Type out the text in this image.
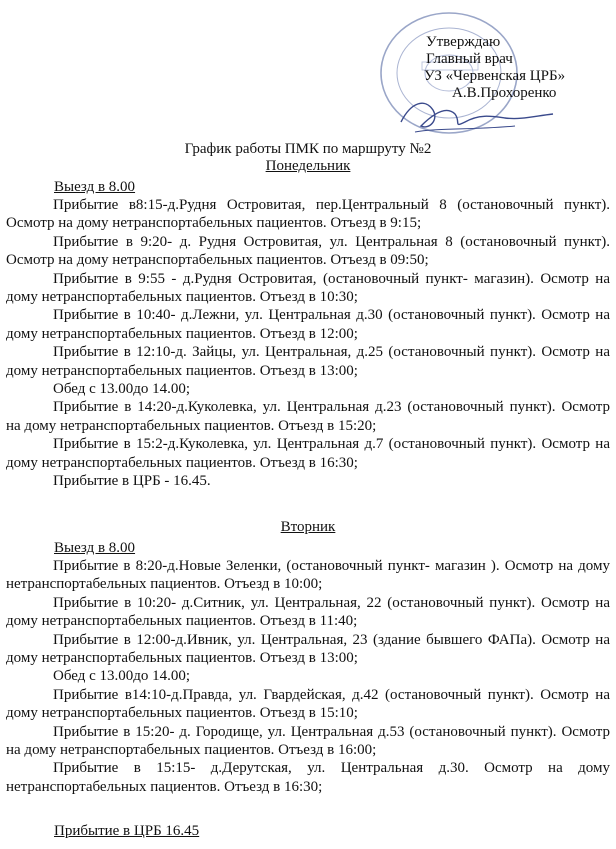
Утверждаю
Главный врач
УЗ «Червенская ЦРБ»
А.В.Прохоренко
График работы ПМК по маршруту №2
Понедельник
Выезд в 8.00

Прибытие в8:15-д.Рудня Островитая, пер.Центральный 8 (остановочный пункт). Осмотр на дому нетранспортабельных пациентов. Отъезд в 9:15;

Прибытие в 9:20- д. Рудня Островитая, ул. Центральная 8 (остановочный пункт). Осмотр на дому нетранспортабельных пациентов. Отъезд в 09:50;

Прибытие в 9:55 - д.Рудня Островитая, (остановочный пункт- магазин). Осмотр на дому нетранспортабельных пациентов. Отъезд в 10:30;

Прибытие в 10:40- д.Лежни, ул. Центральная д.30 (остановочный пункт). Осмотр на дому нетранспортабельных пациентов. Отъезд в 12:00;

Прибытие в 12:10-д. Зайцы, ул. Центральная, д.25 (остановочный пункт). Осмотр на дому нетранспортабельных пациентов. Отъезд в 13:00;

Обед с 13.00до 14.00;

Прибытие в 14:20-д.Куколевка, ул. Центральная д.23 (остановочный пункт). Осмотр на дому нетранспортабельных пациентов. Отъезд в 15:20;

Прибытие в 15:2-д.Куколевка, ул. Центральная д.7 (остановочный пункт). Осмотр на дому нетранспортабельных пациентов. Отъезд в 16:30;

Прибытие в ЦРБ - 16.45.

Вторник
Выезд в 8.00

Прибытие в 8:20-д.Новые Зеленки, (остановочный пункт- магазин ). Осмотр на дому нетранспортабельных пациентов. Отъезд в 10:00;

Прибытие в 10:20- д.Ситник, ул. Центральная, 22 (остановочный пункт). Осмотр на дому нетранспортабельных пациентов. Отъезд в 11:40;

Прибытие в 12:00-д.Ивник, ул. Центральная, 23 (здание бывшего ФАПа). Осмотр на дому нетранспортабельных пациентов. Отъезд в 13:00;

Обед с 13.00до 14.00;

Прибытие в14:10-д.Правда, ул. Гвардейская, д.42 (остановочный пункт). Осмотр на дому нетранспортабельных пациентов. Отъезд в 15:10;

Прибытие в 15:20- д. Городище, ул. Центральная д.53 (остановочный пункт). Осмотр на дому нетранспортабельных пациентов. Отъезд в 16:00;

Прибытие в 15:15- д.Дерутская, ул. Центральная д.30. Осмотр на дому нетранспортабельных пациентов. Отъезд в 16:30;

Прибытие в ЦРБ 16.45
